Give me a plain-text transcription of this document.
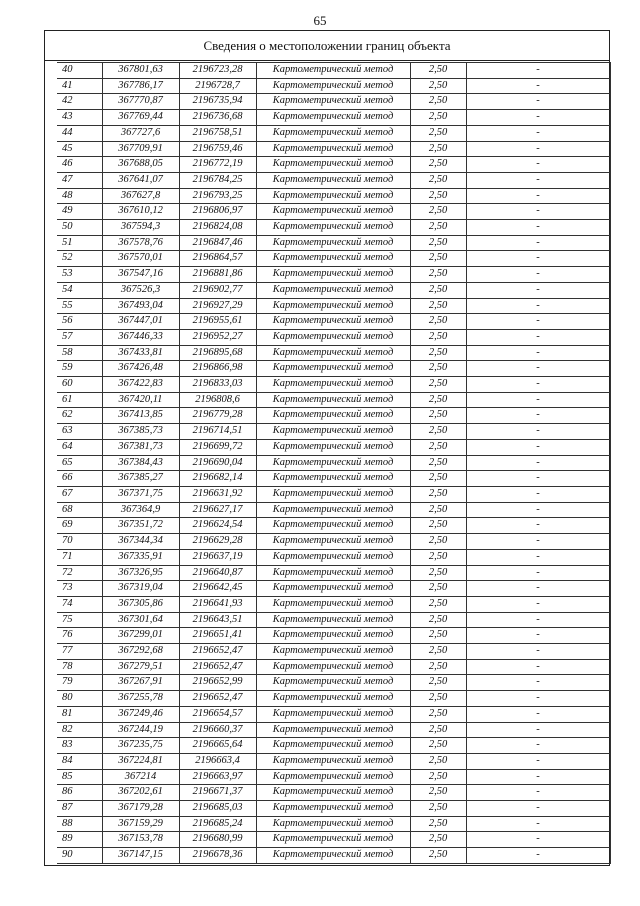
65
Сведения о местоположении границ объекта
40	367801,63	2196723,28	Картометрический метод	2,50	-
41	367786,17	2196728,7	Картометрический метод	2,50	-
42	367770,87	2196735,94	Картометрический метод	2,50	-
43	367769,44	2196736,68	Картометрический метод	2,50	-
44	367727,6	2196758,51	Картометрический метод	2,50	-
45	367709,91	2196759,46	Картометрический метод	2,50	-
46	367688,05	2196772,19	Картометрический метод	2,50	-
47	367641,07	2196784,25	Картометрический метод	2,50	-
48	367627,8	2196793,25	Картометрический метод	2,50	-
49	367610,12	2196806,97	Картометрический метод	2,50	-
50	367594,3	2196824,08	Картометрический метод	2,50	-
51	367578,76	2196847,46	Картометрический метод	2,50	-
52	367570,01	2196864,57	Картометрический метод	2,50	-
53	367547,16	2196881,86	Картометрический метод	2,50	-
54	367526,3	2196902,77	Картометрический метод	2,50	-
55	367493,04	2196927,29	Картометрический метод	2,50	-
56	367447,01	2196955,61	Картометрический метод	2,50	-
57	367446,33	2196952,27	Картометрический метод	2,50	-
58	367433,81	2196895,68	Картометрический метод	2,50	-
59	367426,48	2196866,98	Картометрический метод	2,50	-
60	367422,83	2196833,03	Картометрический метод	2,50	-
61	367420,11	2196808,6	Картометрический метод	2,50	-
62	367413,85	2196779,28	Картометрический метод	2,50	-
63	367385,73	2196714,51	Картометрический метод	2,50	-
64	367381,73	2196699,72	Картометрический метод	2,50	-
65	367384,43	2196690,04	Картометрический метод	2,50	-
66	367385,27	2196682,14	Картометрический метод	2,50	-
67	367371,75	2196631,92	Картометрический метод	2,50	-
68	367364,9	2196627,17	Картометрический метод	2,50	-
69	367351,72	2196624,54	Картометрический метод	2,50	-
70	367344,34	2196629,28	Картометрический метод	2,50	-
71	367335,91	2196637,19	Картометрический метод	2,50	-
72	367326,95	2196640,87	Картометрический метод	2,50	-
73	367319,04	2196642,45	Картометрический метод	2,50	-
74	367305,86	2196641,93	Картометрический метод	2,50	-
75	367301,64	2196643,51	Картометрический метод	2,50	-
76	367299,01	2196651,41	Картометрический метод	2,50	-
77	367292,68	2196652,47	Картометрический метод	2,50	-
78	367279,51	2196652,47	Картометрический метод	2,50	-
79	367267,91	2196652,99	Картометрический метод	2,50	-
80	367255,78	2196652,47	Картометрический метод	2,50	-
81	367249,46	2196654,57	Картометрический метод	2,50	-
82	367244,19	2196660,37	Картометрический метод	2,50	-
83	367235,75	2196665,64	Картометрический метод	2,50	-
84	367224,81	2196663,4	Картометрический метод	2,50	-
85	367214	2196663,97	Картометрический метод	2,50	-
86	367202,61	2196671,37	Картометрический метод	2,50	-
87	367179,28	2196685,03	Картометрический метод	2,50	-
88	367159,29	2196685,24	Картометрический метод	2,50	-
89	367153,78	2196680,99	Картометрический метод	2,50	-
90	367147,15	2196678,36	Картометрический метод	2,50	-
